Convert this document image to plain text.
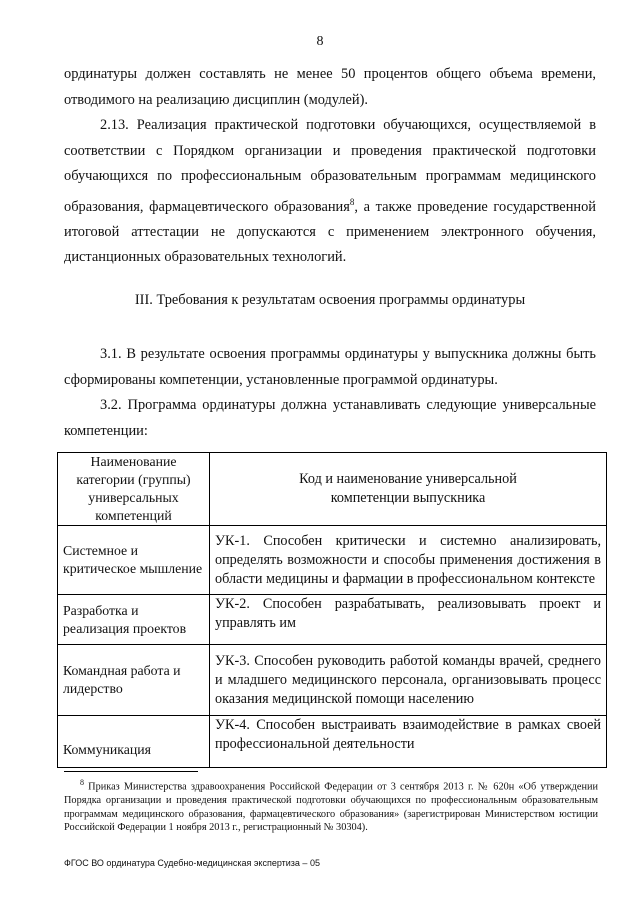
8
ординатуры должен составлять не менее 50 процентов общего объема времени, отводимого на реализацию дисциплин (модулей).
2.13. Реализация практической подготовки обучающихся, осуществляемой в соответствии с Порядком организации и проведения практической подготовки обучающихся по профессиональным образовательным программам медицинского образования, фармацевтического образования$^8$, а также проведение государственной итоговой аттестации не допускаются с применением электронного обучения, дистанционных образовательных технологий.
III. Требования к результатам освоения программы ординатуры
3.1. В результате освоения программы ординатуры у выпускника должны быть сформированы компетенции, установленные программой ординатуры.
3.2. Программа ординатуры должна устанавливать следующие универсальные компетенции:
Наименование категории (группы) универсальных компетенций	Код и наименование универсальной компетенции выпускника
Системное и критическое мышление	УК-1. Способен критически и системно анализировать, определять возможности и способы применения достижения в области медицины и фармации в профессиональном контексте
Разработка и реализация проектов	УК-2. Способен разрабатывать, реализовывать проект и управлять им
Командная работа и лидерство	УК-3. Способен руководить работой команды врачей, среднего и младшего медицинского персонала, организовывать процесс оказания медицинской помощи населению
Коммуникация	УК-4. Способен выстраивать взаимодействие в рамках своей профессиональной деятельности
$^8$ Приказ Министерства здравоохранения Российской Федерации от 3 сентября 2013 г. № 620н «Об утверждении Порядка организации и проведения практической подготовки обучающихся по профессиональным образовательным программам медицинского образования, фармацевтического образования» (зарегистрирован Министерством юстиции Российской Федерации 1 ноября 2013 г., регистрационный № 30304).
ФГОС ВО ординатура Судебно-медицинская экспертиза – 05
